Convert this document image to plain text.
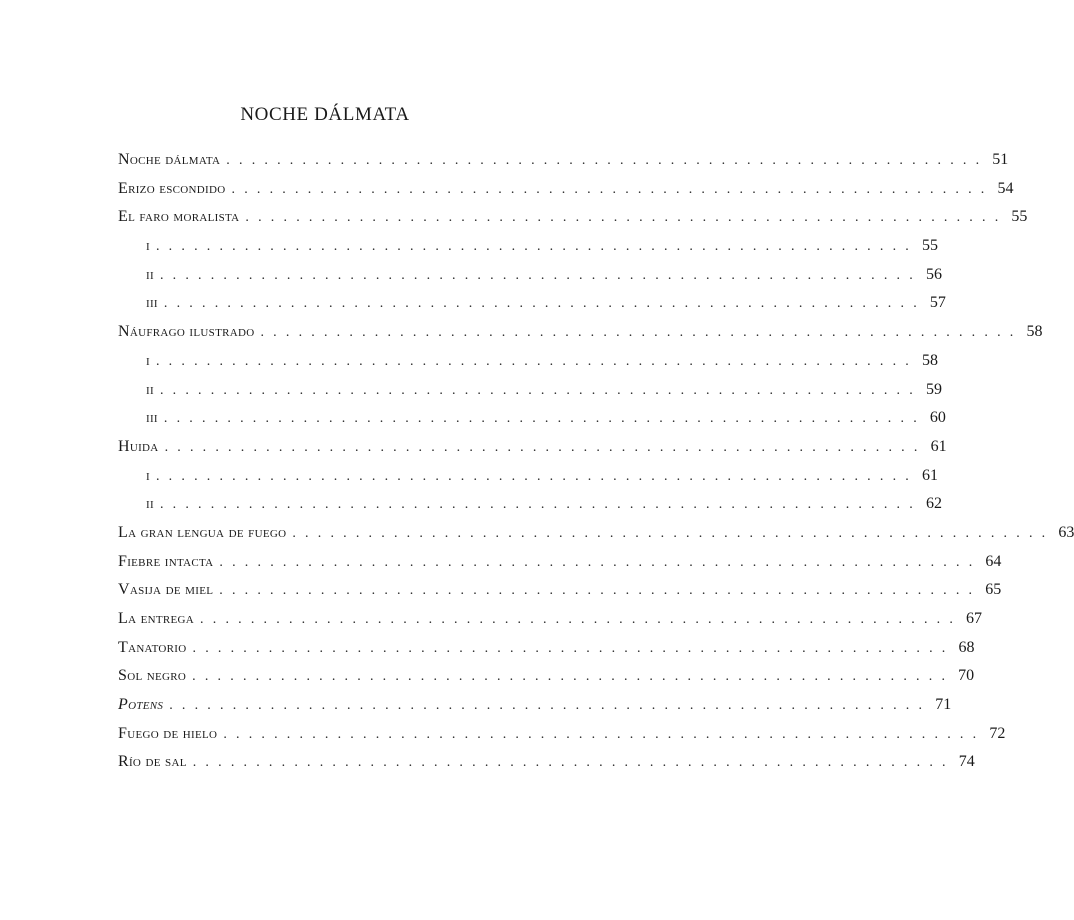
NOCHE DÁLMATA
Noche dálmata ............................................................ 51
Erizo escondido ............................................................ 54
El faro moralista ............................................................ 55
i ............................................................ 55
ii ............................................................ 56
iii ............................................................ 57
Náufrago ilustrado ............................................................ 58
i ............................................................ 58
ii ............................................................ 59
iii ............................................................ 60
Huida ............................................................ 61
i ............................................................ 61
ii ............................................................ 62
La gran lengua de fuego ............................................................ 63
Fiebre intacta ............................................................ 64
Vasija de miel ............................................................ 65
La entrega ............................................................ 67
Tanatorio ............................................................ 68
Sol negro ............................................................ 70
Potens ............................................................ 71
Fuego de hielo ............................................................ 72
Río de sal ............................................................ 74
